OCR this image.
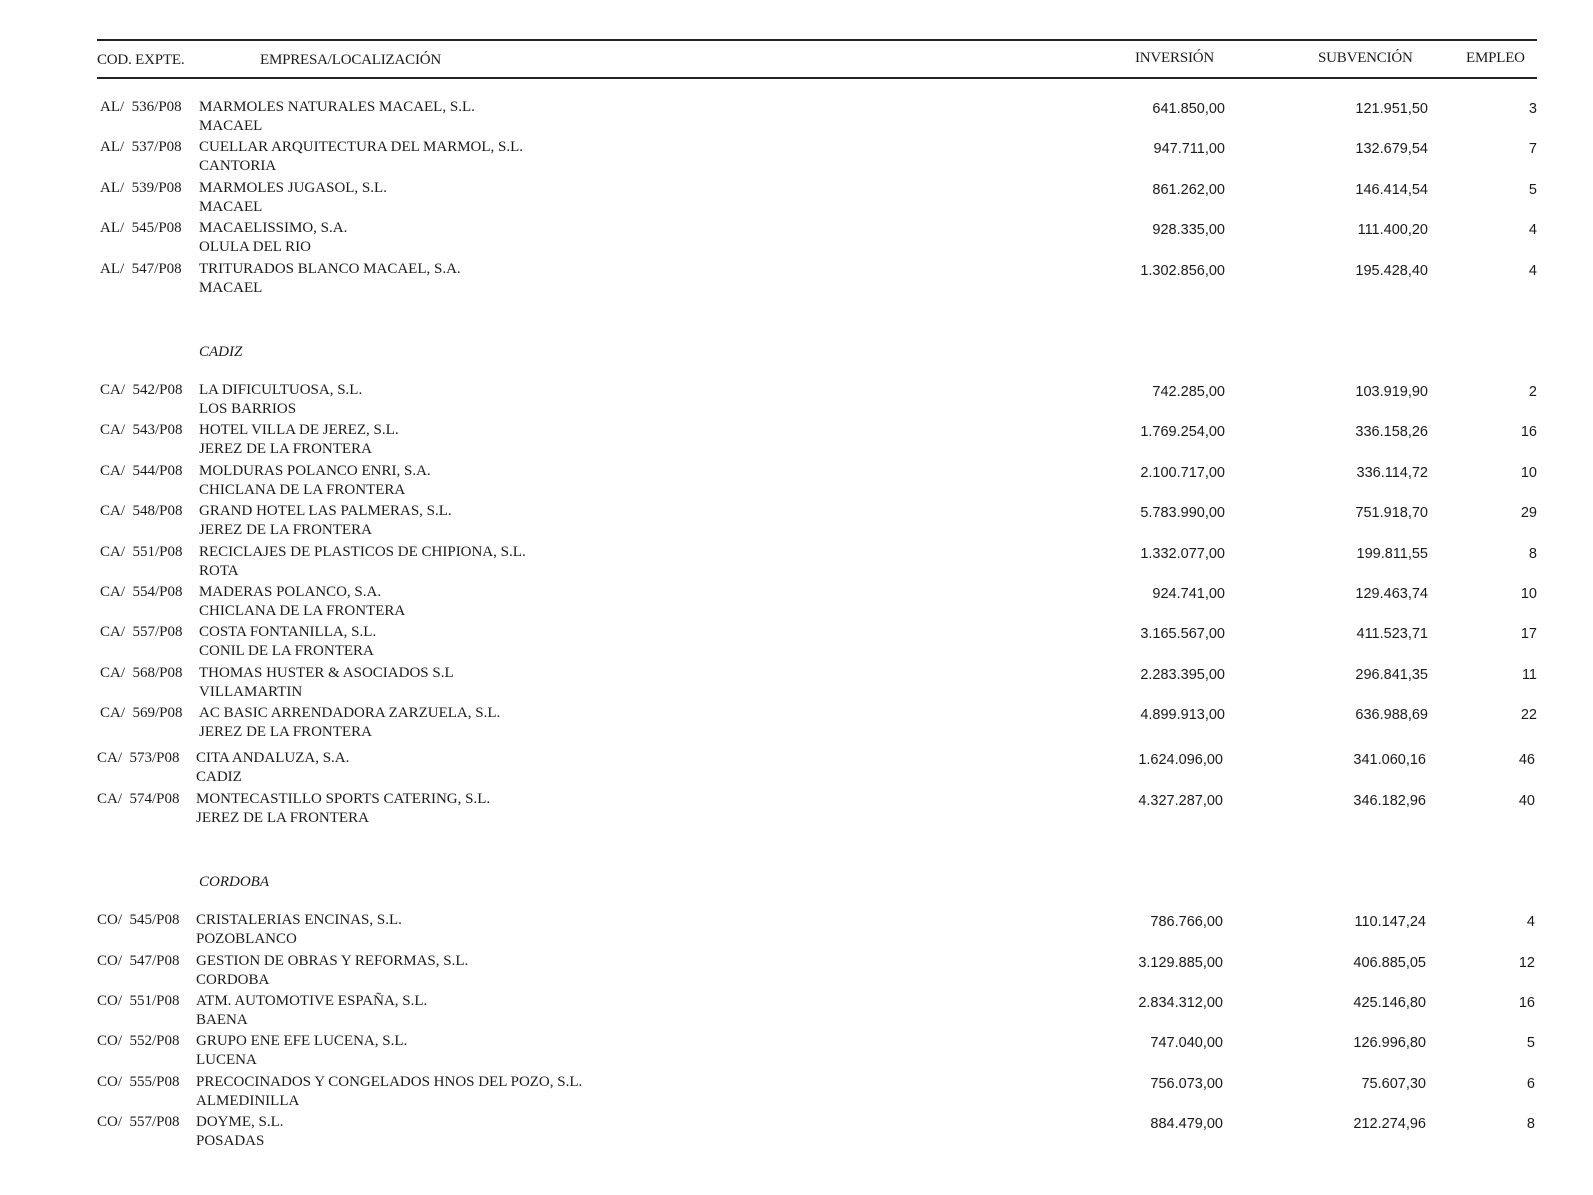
COD. EXPTE.	EMPRESA/LOCALIZACIÓN	INVERSIÓN	SUBVENCIÓN	EMPLEO
AL/  536/P08 MARMOLES NATURALES MACAEL, S.L.
MACAEL
641.850,00	121.951,50	3
AL/  537/P08 CUELLAR ARQUITECTURA DEL MARMOL, S.L.
CANTORIA
947.711,00	132.679,54	7
AL/  539/P08 MARMOLES JUGASOL, S.L.
MACAEL
861.262,00	146.414,54	5
AL/  545/P08 MACAELISSIMO, S.A.
OLULA DEL RIO
928.335,00	111.400,20	4
AL/  547/P08 TRITURADOS BLANCO MACAEL, S.A.
MACAEL
1.302.856,00	195.428,40	4
CADIZ
CA/  542/P08 LA DIFICULTUOSA, S.L.
LOS BARRIOS
742.285,00	103.919,90	2
CA/  543/P08 HOTEL VILLA DE JEREZ, S.L.
JEREZ DE LA FRONTERA
1.769.254,00	336.158,26	16
CA/  544/P08 MOLDURAS POLANCO ENRI, S.A.
CHICLANA DE LA FRONTERA
2.100.717,00	336.114,72	10
CA/  548/P08 GRAND HOTEL LAS PALMERAS, S.L.
JEREZ DE LA FRONTERA
5.783.990,00	751.918,70	29
CA/  551/P08 RECICLAJES DE PLASTICOS DE CHIPIONA, S.L.
ROTA
1.332.077,00	199.811,55	8
CA/  554/P08 MADERAS POLANCO, S.A.
CHICLANA DE LA FRONTERA
924.741,00	129.463,74	10
CA/  557/P08 COSTA FONTANILLA, S.L.
CONIL DE LA FRONTERA
3.165.567,00	411.523,71	17
CA/  568/P08 THOMAS HUSTER & ASOCIADOS S.L
VILLAMARTIN
2.283.395,00	296.841,35	11
CA/  569/P08 AC BASIC ARRENDADORA ZARZUELA, S.L.
JEREZ DE LA FRONTERA
4.899.913,00	636.988,69	22
CA/  573/P08 CITA ANDALUZA, S.A.
CADIZ
1.624.096,00	341.060,16	46
CA/  574/P08 MONTECASTILLO SPORTS CATERING, S.L.
JEREZ DE LA FRONTERA
4.327.287,00	346.182,96	40
CORDOBA
CO/  545/P08 CRISTALERIAS ENCINAS, S.L.
POZOBLANCO
786.766,00	110.147,24	4
CO/  547/P08 GESTION DE OBRAS Y REFORMAS, S.L.
CORDOBA
3.129.885,00	406.885,05	12
CO/  551/P08 ATM. AUTOMOTIVE ESPAÑA, S.L.
BAENA
2.834.312,00	425.146,80	16
CO/  552/P08 GRUPO ENE EFE LUCENA, S.L.
LUCENA
747.040,00	126.996,80	5
CO/  555/P08 PRECOCINADOS Y CONGELADOS HNOS DEL POZO, S.L.
ALMEDINILLA
756.073,00	75.607,30	6
CO/  557/P08 DOYME, S.L.
POSADAS
884.479,00	212.274,96	8
